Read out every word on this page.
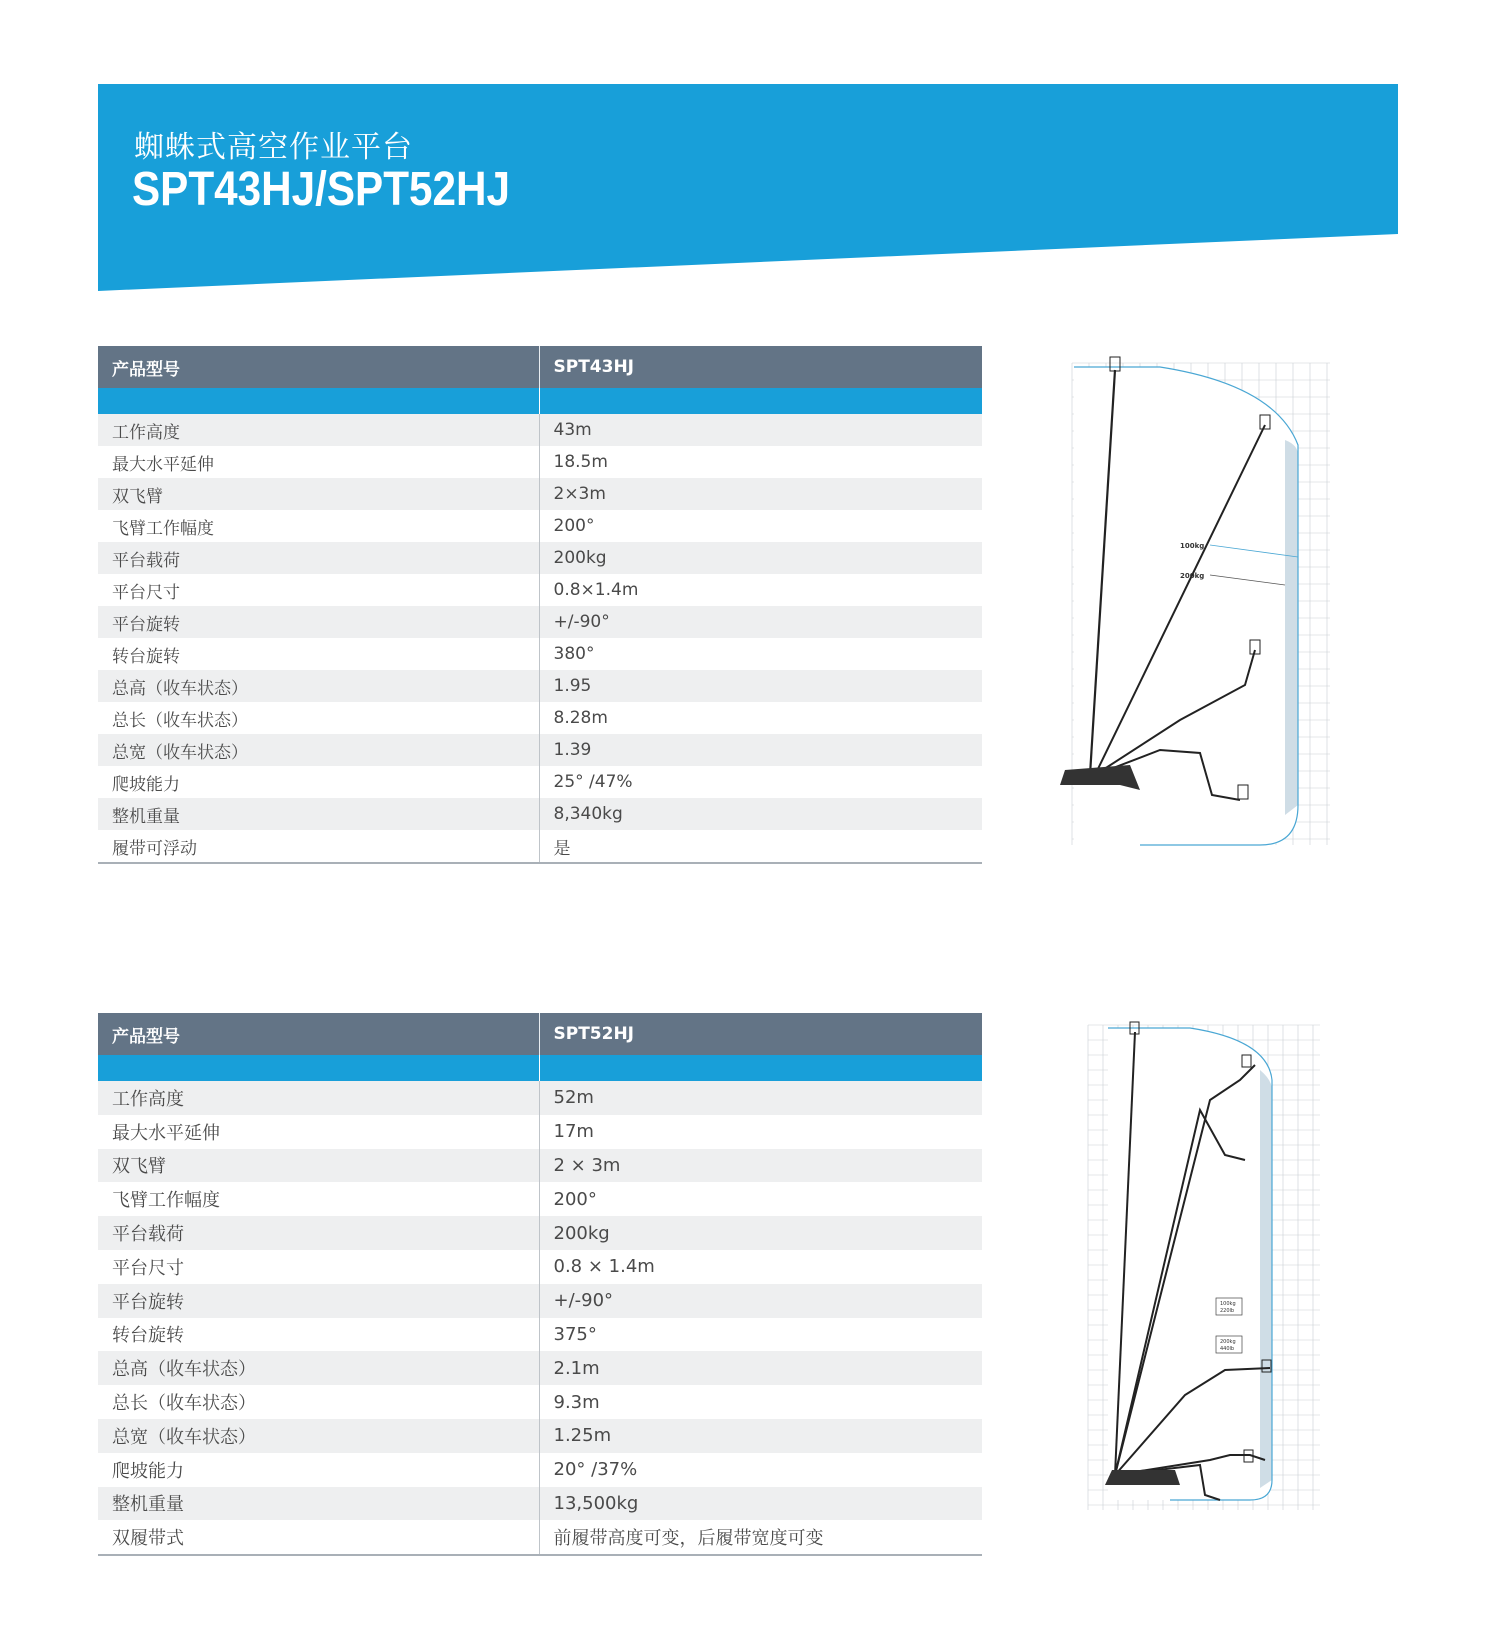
蜘蛛式高空作业平台
SPT43HJ/SPT52HJ
产品型号	SPT43HJ

工作高度	43m
最大水平延伸	18.5m
双飞臂	2×3m
飞臂工作幅度	200°
平台载荷	200kg
平台尺寸	0.8×1.4m
平台旋转	+/-90°
转台旋转	380°
总高（收车状态）	1.95
总长（收车状态）	8.28m
总宽（收车状态）	1.39
爬坡能力	25° /47%
整机重量	8,340kg
履带可浮动	是
产品型号	SPT52HJ

工作高度	52m
最大水平延伸	17m
双飞臂	2 × 3m
飞臂工作幅度	200°
平台载荷	200kg
平台尺寸	0.8 × 1.4m
平台旋转	+/-90°
转台旋转	375°
总高（收车状态）	2.1m
总长（收车状态）	9.3m
总宽（收车状态）	1.25m
爬坡能力	20° /37%
整机重量	13,500kg
双履带式	前履带高度可变，后履带宽度可变
100kg
200kg
100kg
220lb
200kg
440lb
